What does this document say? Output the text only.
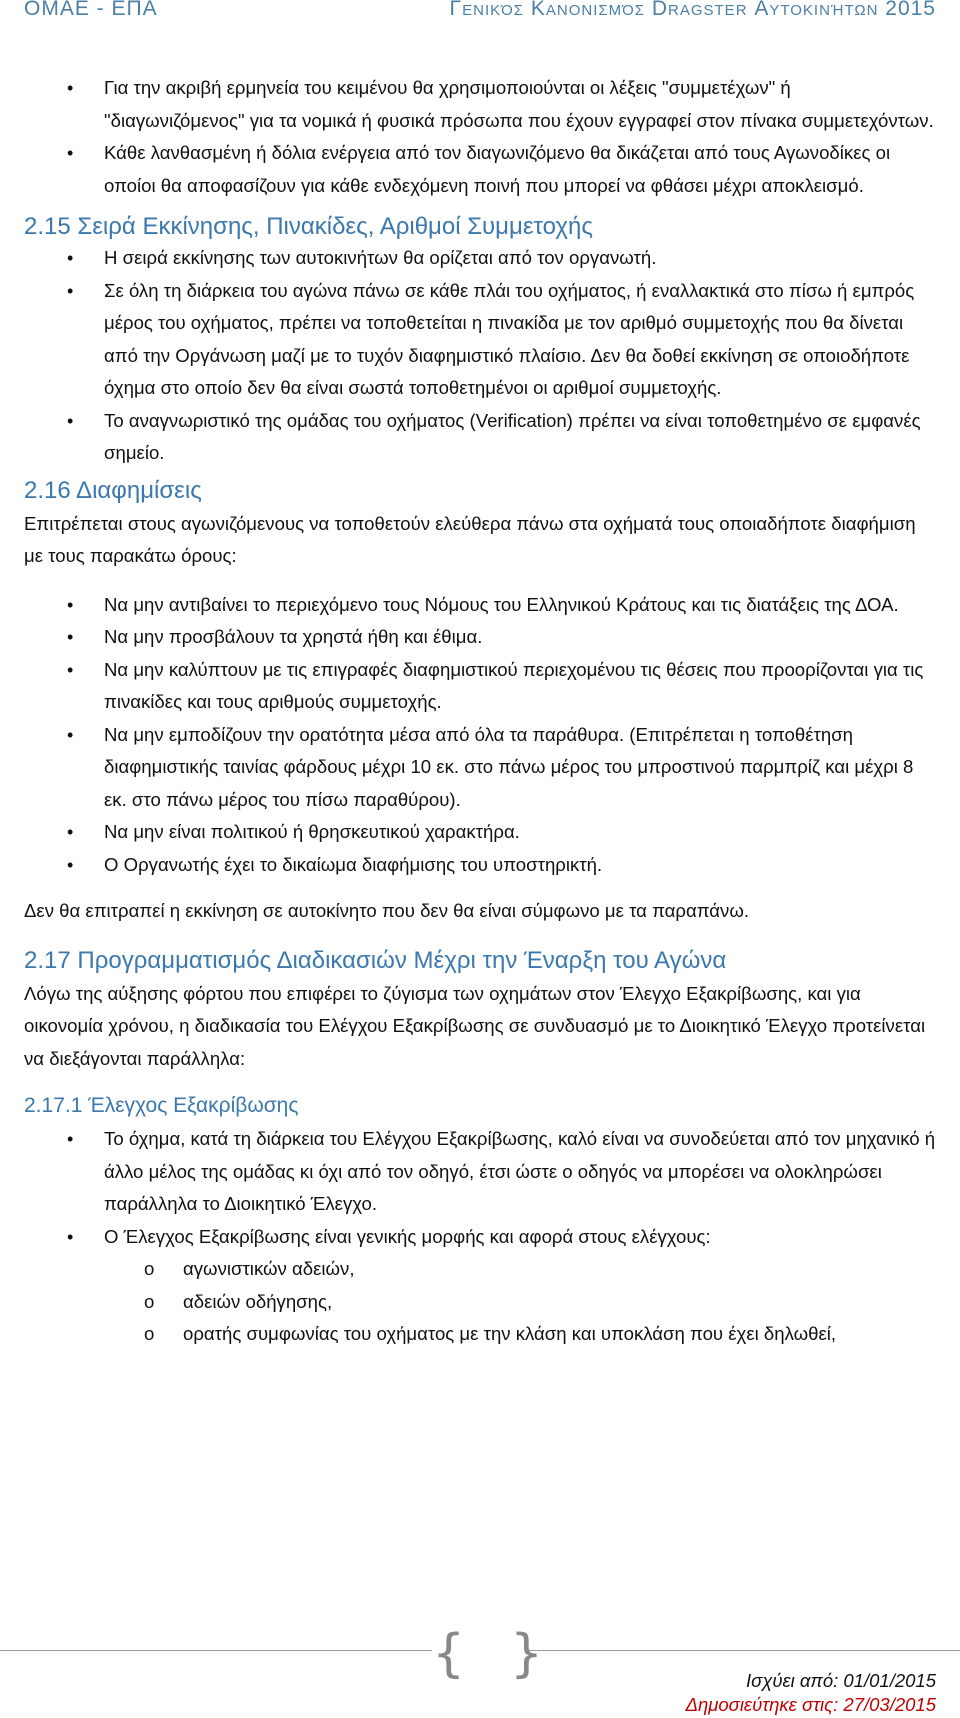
ΟΜΑΕ - ΕΠΑ	Γενικός Κανονισμός Dragster Αυτοκινήτων 2015
• Για την ακριβή ερμηνεία του κειμένου θα χρησιμοποιούνται οι λέξεις "συμμετέχων" ή "διαγωνιζόμενος" για τα νομικά ή φυσικά πρόσωπα που έχουν εγγραφεί στον πίνακα συμμετεχόντων.
• Κάθε λανθασμένη ή δόλια ενέργεια από τον διαγωνιζόμενο θα δικάζεται από τους Αγωνοδίκες οι οποίοι θα αποφασίζουν για κάθε ενδεχόμενη ποινή που μπορεί να φθάσει μέχρι αποκλεισμό.
2.15 Σειρά Εκκίνησης, Πινακίδες, Αριθμοί Συμμετοχής
• Η σειρά εκκίνησης των αυτοκινήτων θα ορίζεται από τον οργανωτή.
• Σε όλη τη διάρκεια του αγώνα πάνω σε κάθε πλάι του οχήματος, ή εναλλακτικά στο πίσω ή εμπρός μέρος του οχήματος, πρέπει να τοποθετείται η πινακίδα με τον αριθμό συμμετοχής που θα δίνεται από την Οργάνωση μαζί με το τυχόν διαφημιστικό πλαίσιο. Δεν θα δοθεί εκκίνηση σε οποιοδήποτε όχημα στο οποίο δεν θα είναι σωστά τοποθετημένοι οι αριθμοί συμμετοχής.
• Το αναγνωριστικό της ομάδας του οχήματος (Verification) πρέπει να είναι τοποθετημένο σε εμφανές σημείο.
2.16 Διαφημίσεις

Επιτρέπεται στους αγωνιζόμενους να τοποθετούν ελεύθερα πάνω στα οχήματά τους οποιαδήποτε διαφήμιση με τους παρακάτω όρους:

• Να μην αντιβαίνει το περιεχόμενο τους Νόμους του Ελληνικού Κράτους και τις διατάξεις της ΔΟΑ.
• Να μην προσβάλουν τα χρηστά ήθη και έθιμα.
• Να μην καλύπτουν με τις επιγραφές διαφημιστικού περιεχομένου τις θέσεις που προορίζονται για τις πινακίδες και τους αριθμούς συμμετοχής.
• Να μην εμποδίζουν την ορατότητα μέσα από όλα τα παράθυρα. (Επιτρέπεται η τοποθέτηση διαφημιστικής ταινίας φάρδους μέχρι 10 εκ. στο πάνω μέρος του μπροστινού παρμπρίζ και μέχρι 8 εκ. στο πάνω μέρος του πίσω παραθύρου).
• Να μην είναι πολιτικού ή θρησκευτικού χαρακτήρα.
• Ο Οργανωτής έχει το δικαίωμα διαφήμισης του υποστηρικτή.

Δεν θα επιτραπεί η εκκίνηση σε αυτοκίνητο που δεν θα είναι σύμφωνο με τα παραπάνω.

2.17 Προγραμματισμός Διαδικασιών Μέχρι την Έναρξη του Αγώνα

Λόγω της αύξησης φόρτου που επιφέρει το ζύγισμα των οχημάτων στον Έλεγχο Εξακρίβωσης, και για οικονομία χρόνου, η διαδικασία του Ελέγχου Εξακρίβωσης σε συνδυασμό με το Διοικητικό Έλεγχο προτείνεται να διεξάγονται παράλληλα:

2.17.1 Έλεγχος Εξακρίβωσης
• Το όχημα, κατά τη διάρκεια του Ελέγχου Εξακρίβωσης, καλό είναι να συνοδεύεται από τον μηχανικό ή άλλο μέλος της ομάδας κι όχι από τον οδηγό, έτσι ώστε ο οδηγός να μπορέσει να ολοκληρώσει παράλληλα το Διοικητικό Έλεγχο.
• Ο Έλεγχος Εξακρίβωσης είναι γενικής μορφής και αφορά στους ελέγχους:
o αγωνιστικών αδειών,
o αδειών οδήγησης,
o ορατής συμφωνίας του οχήματος με την κλάση και υποκλάση που έχει δηλωθεί,
{ }	Ισχύει από: 01/01/2015
Δημοσιεύτηκε στις: 27/03/2015
